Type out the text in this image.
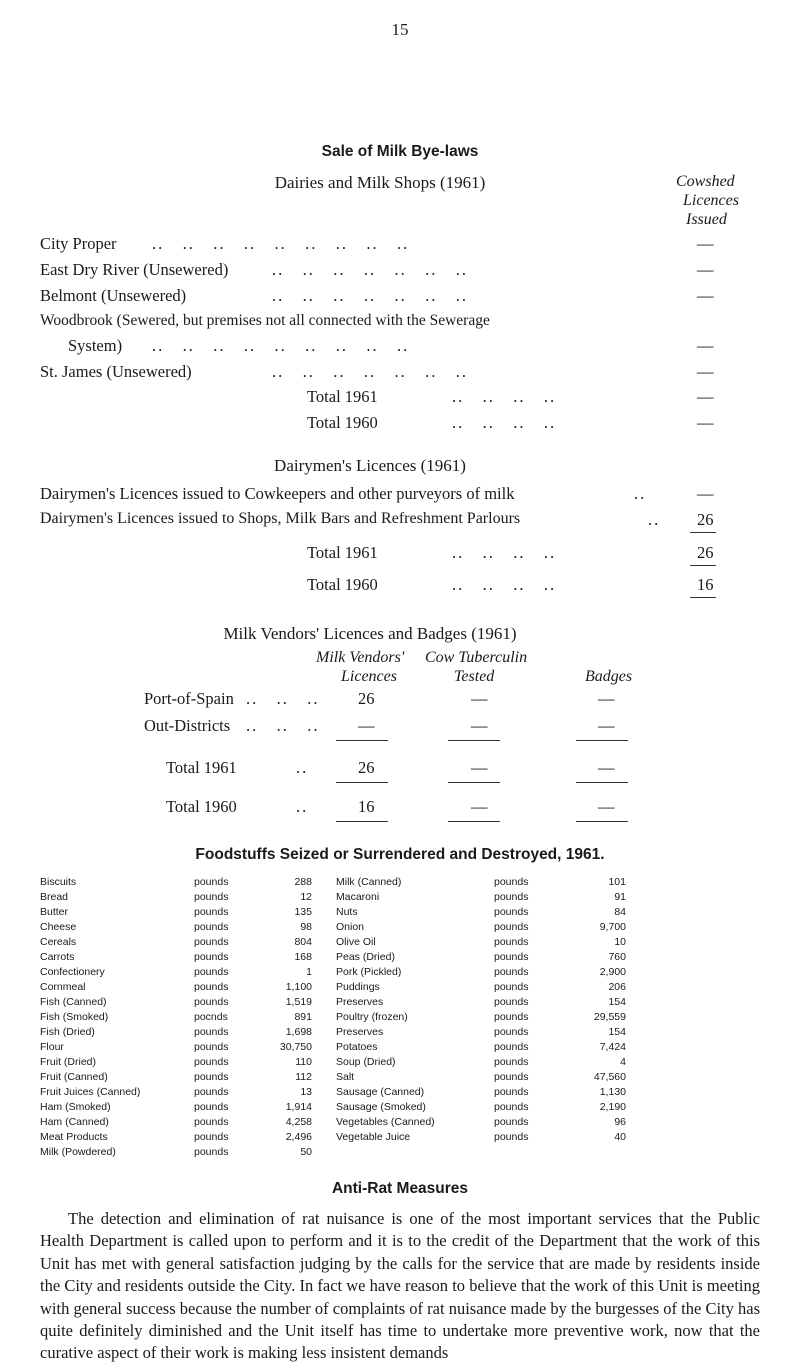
15
Sale of Milk Bye-laws
Dairies and Milk Shops (1961)	Cowshed
Licences
Issued
City Proper ..   ..   ..   ..   ..   ..   ..   ..   ..	—
East Dry River (Unsewered)	..   ..   ..   ..   ..   ..   ..	—
Belmont (Unsewered)	..   ..   ..   ..   ..   ..   ..	—
Woodbrook (Sewered, but premises not all connected with the Sewerage
System) ..   ..   ..   ..   ..   ..   ..   ..   ..	—
St. James (Unsewered)	..   ..   ..   ..   ..   ..   ..	—
Total 1961	..   ..   ..   ..	—
Total 1960	..   ..   ..   ..	—
Dairymen's Licences (1961)
Dairymen's Licences issued to Cowkeepers and other purveyors of milk	..	—
Dairymen's Licences issued to Shops, Milk Bars and Refreshment Parlours	.. 26
Total 1961	..   ..   ..   ..	26
Total 1960	..   ..   ..   ..	16
Milk Vendors' Licences and Badges (1961)
Milk Vendors'
Licences
Cow Tuberculin
Tested	Badges
Port-of-Spain ..   ..   .. 26	—	—
Out-Districts ..   ..   .. —	—	—
Total 1961	..	26	—	—
Total 1960	..	16	—	—
Foodstuffs Seized or Surrendered and Destroyed, 1961.
Biscuits	pounds	288 Milk (Canned)	pounds	101
Bread	pounds	12 Macaroni	pounds	91
Butter	pounds	135 Nuts	pounds	84
Cheese	pounds	98 Onion	pounds	9,700
Cereals	pounds	804 Olive Oil	pounds	10
Carrots	pounds	168 Peas (Dried)	pounds	760
Confectionery	pounds	1 Pork (Pickled)	pounds	2,900
Cornmeal	pounds	1,100 Puddings	pounds	206
Fish (Canned)	pounds	1,519 Preserves	pounds	154
Fish (Smoked)	pocnds	891 Poultry (frozen)	pounds	29,559
Fish (Dried)	pounds	1,698 Preserves	pounds	154
Flour	pounds	30,750 Potatoes	pounds	7,424
Fruit (Dried)	pounds	110 Soup (Dried)	pounds	4
Fruit (Canned)	pounds	112 Salt	pounds	47,560
Fruit Juices (Canned)	pounds	13 Sausage (Canned)	pounds	1,130
Ham (Smoked)	pounds	1,914 Sausage (Smoked)	pounds	2,190
Ham (Canned)	pounds	4,258 Vegetables (Canned)	pounds	96
Meat Products	pounds	2,496 Vegetable Juice	pounds	40
Milk (Powdered)	pounds	50
Anti-Rat Measures

The detection and elimination of rat nuisance is one of the most important services that the Public Health Department is called upon to perform and it is to the credit of the Department that the work of this Unit has met with general satisfaction judging by the calls for the service that are made by residents inside the City and residents outside the City. In fact we have reason to believe that the work of this Unit is meeting with general success because the number of complaints of rat nuisance made by the burgesses of the City has quite definitely diminished and the Unit itself has time to undertake more preventive work, now that the curative aspect of their work is making less insistent demands
